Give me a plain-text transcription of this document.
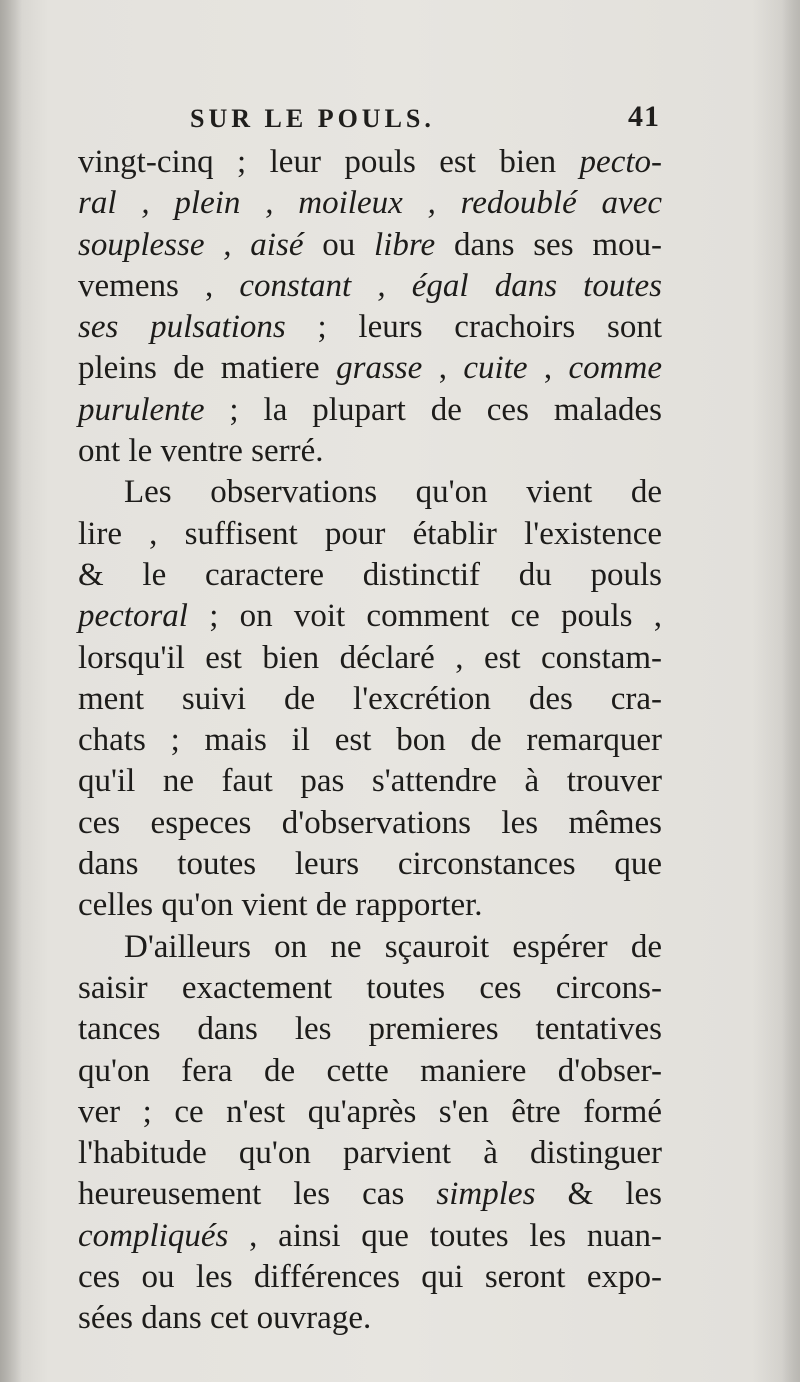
SUR LE POULS.	41
vingt-cinq ; leur pouls est bien pecto-
ral , plein , moileux , redoublé avec
souplesse , aisé ou libre dans ses mou-
vemens , constant , égal dans toutes
ses pulsations ; leurs crachoirs sont
pleins de matiere grasse , cuite , comme
purulente ; la plupart de ces malades
ont le ventre serré.
Les observations qu'on vient de
lire , suffisent pour établir l'existence
& le caractere distinctif du pouls
pectoral ; on voit comment ce pouls ,
lorsqu'il est bien déclaré , est constam-
ment suivi de l'excrétion des cra-
chats ; mais il est bon de remarquer
qu'il ne faut pas s'attendre à trouver
ces especes d'observations les mêmes
dans toutes leurs circonstances que
celles qu'on vient de rapporter.
D'ailleurs on ne sçauroit espérer de
saisir exactement toutes ces circons-
tances dans les premieres tentatives
qu'on fera de cette maniere d'obser-
ver ; ce n'est qu'après s'en être formé
l'habitude qu'on parvient à distinguer
heureusement les cas simples & les
compliqués , ainsi que toutes les nuan-
ces ou les différences qui seront expo-
sées dans cet ouvrage.
